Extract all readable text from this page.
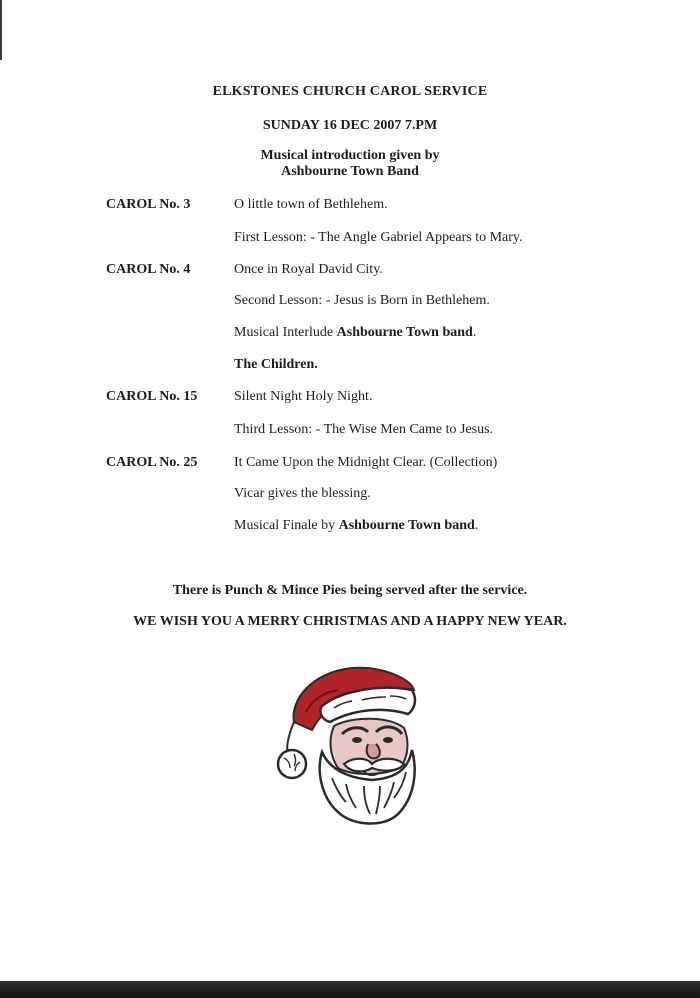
ELKSTONES CHURCH CAROL SERVICE
SUNDAY 16 DEC 2007 7.PM
Musical introduction given by
Ashbourne Town Band
CAROL No. 3	O little town of Bethlehem.
First Lesson: - The Angle Gabriel Appears to Mary.
CAROL No. 4	Once in Royal David City.
Second Lesson: - Jesus is Born in Bethlehem.
Musical Interlude Ashbourne Town band.
The Children.
CAROL No. 15	Silent Night Holy Night.
Third Lesson: - The Wise Men Came to Jesus.
CAROL No. 25	It Came Upon the Midnight Clear. (Collection)
Vicar gives the blessing.
Musical Finale by Ashbourne Town band.
There is Punch & Mince Pies being served after the service.
WE WISH YOU A MERRY CHRISTMAS AND A HAPPY NEW YEAR.
